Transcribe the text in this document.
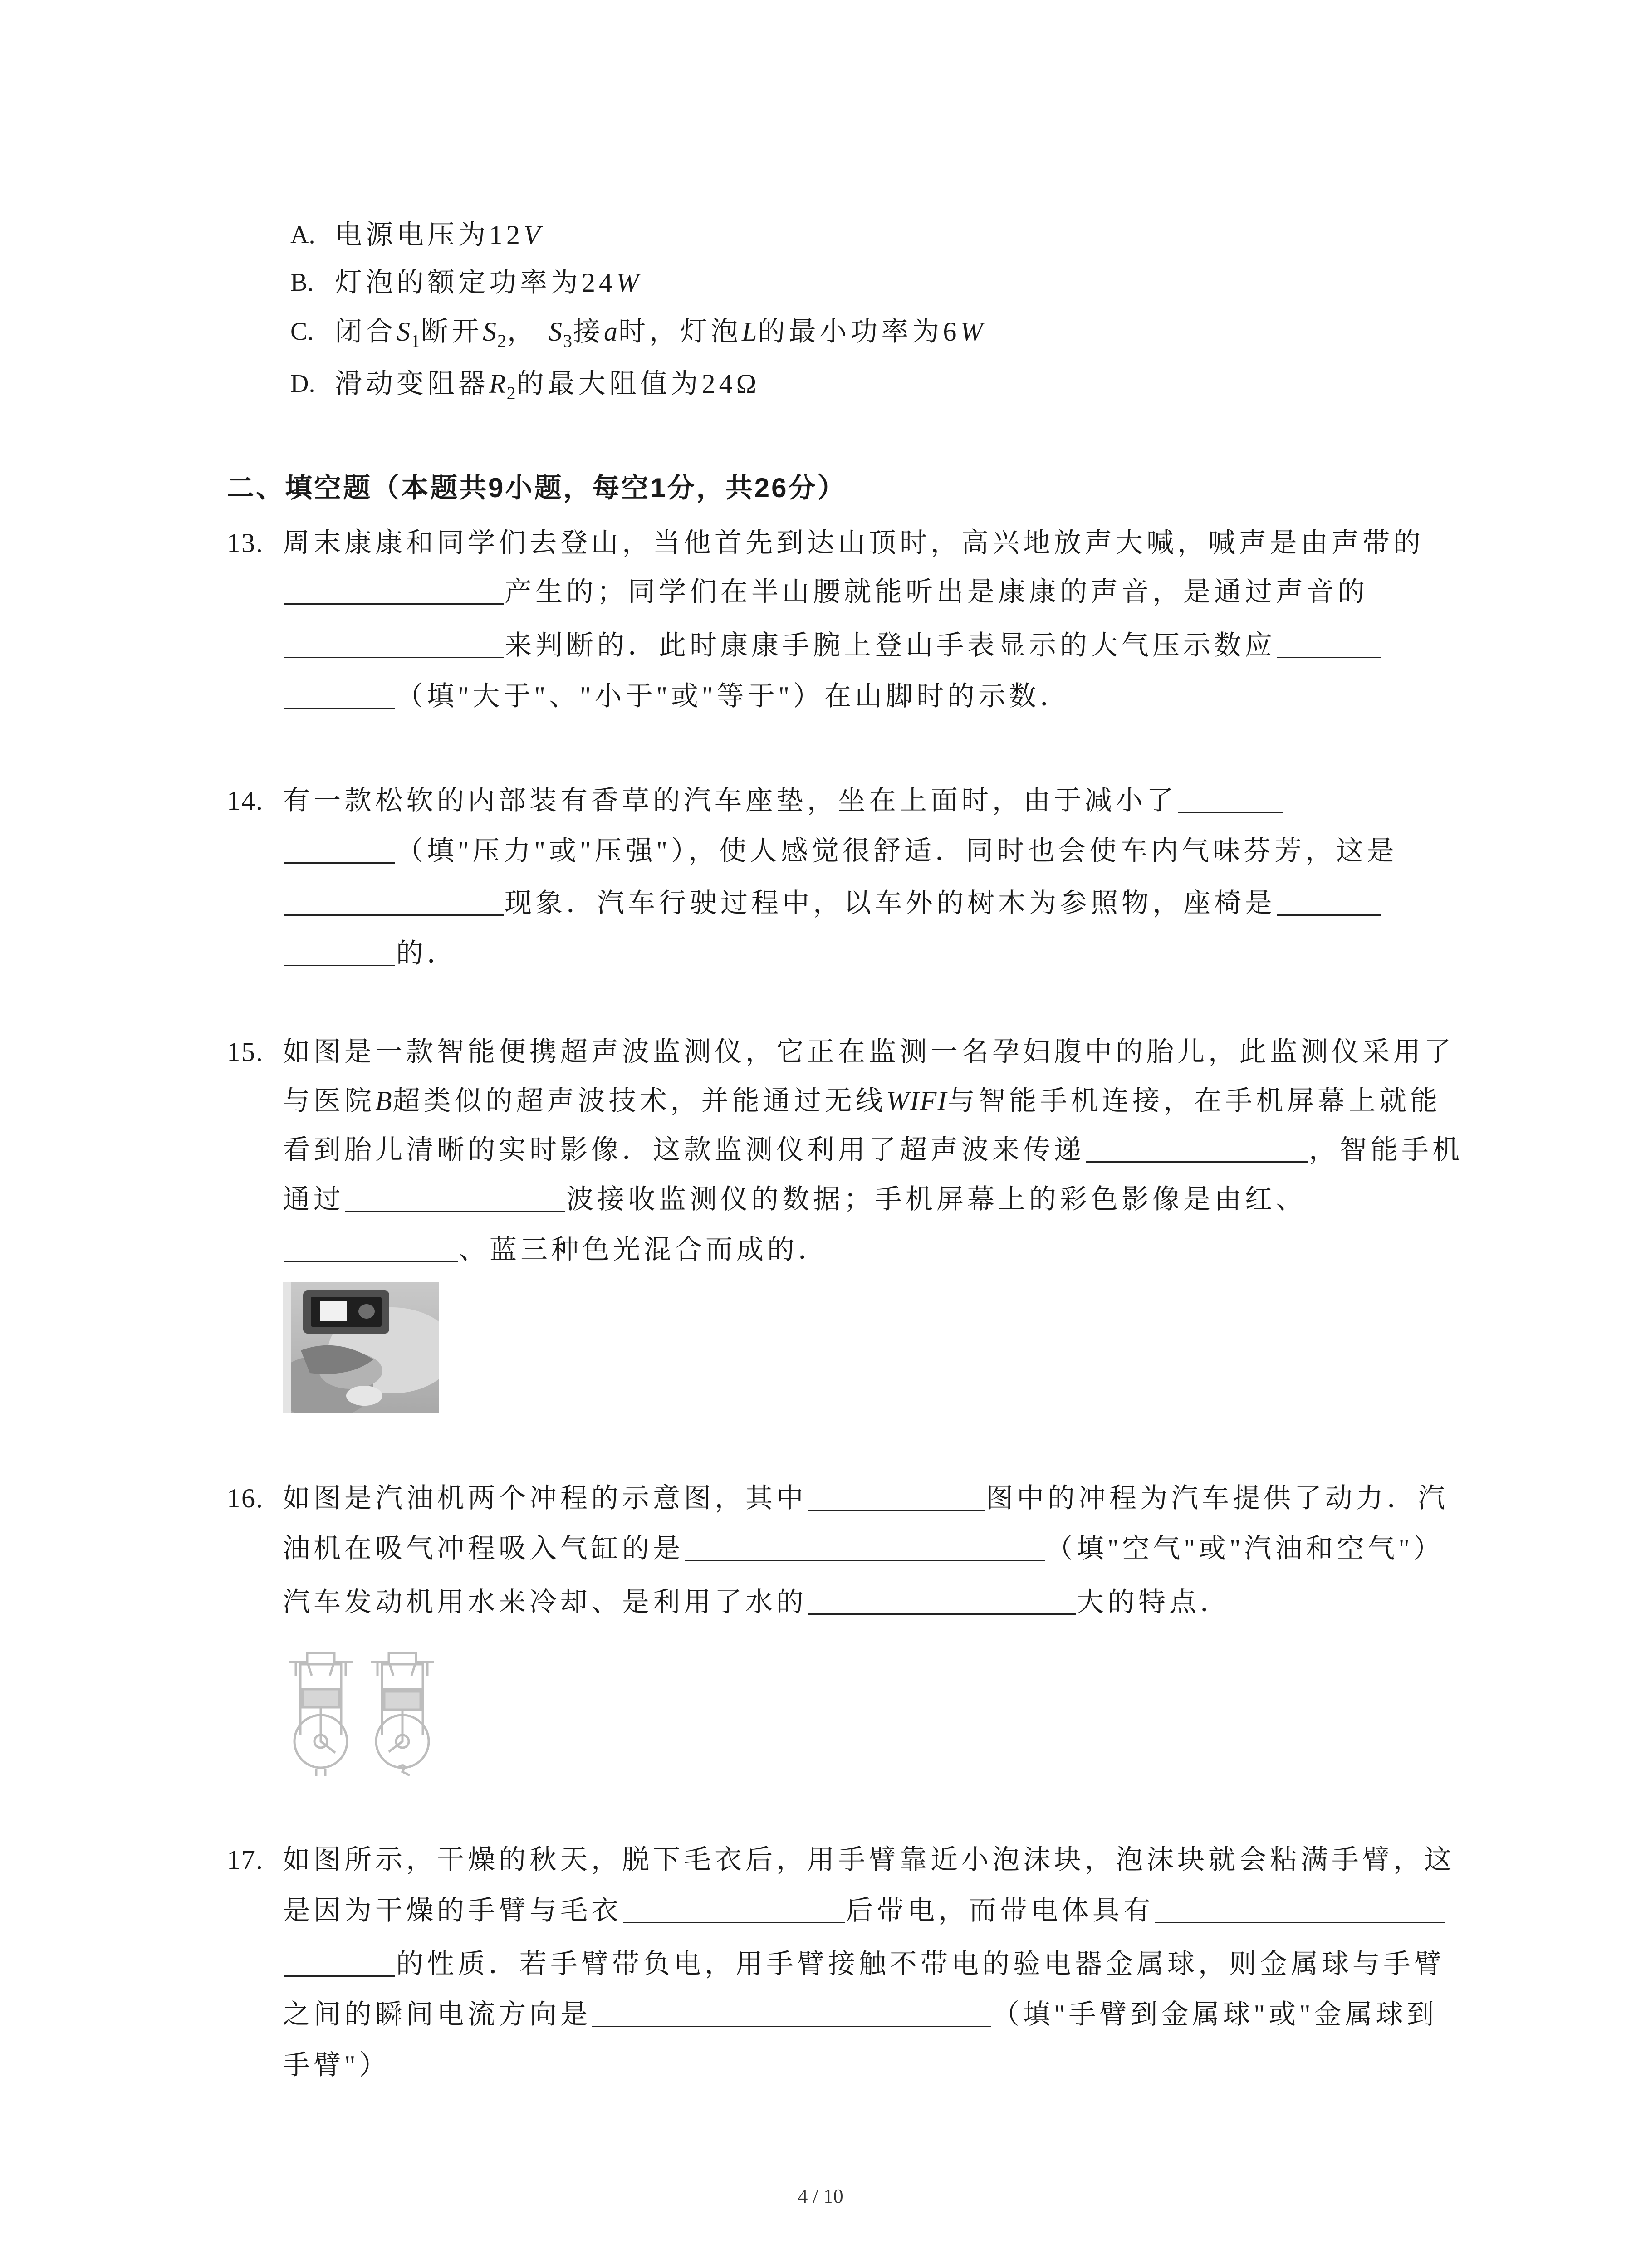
A. 电源电压为12V
B. 灯泡的额定功率为24W
C. 闭合$S_1$断开$S_2$， $S_3$接a时，灯泡L的最小功率为6W
D. 滑动变阻器$R_2$的最大阻值为24Ω
二、填空题（本题共9小题，每空1分，共26分）
13. 周末康康和同学们去登山，当他首先到达山顶时，高兴地放声大喊，喊声是由声带的
产生的；同学们在半山腰就能听出是康康的声音，是通过声音的
来判断的．此时康康手腕上登山手表显示的大气压示数应
（填"大于"、"小于"或"等于"）在山脚时的示数．
14. 有一款松软的内部装有香草的汽车座垫，坐在上面时，由于减小了
（填"压力"或"压强"），使人感觉很舒适．同时也会使车内气味芬芳，这是
现象．汽车行驶过程中，以车外的树木为参照物，座椅是
的．
15. 如图是一款智能便携超声波监测仪，它正在监测一名孕妇腹中的胎儿，此监测仪采用了
与医院B超类似的超声波技术，并能通过无线WIFI与智能手机连接，在手机屏幕上就能
看到胎儿清晰的实时影像．这款监测仪利用了超声波来传递	，智能手机
通过	波接收监测仪的数据；手机屏幕上的彩色影像是由红、
、蓝三种色光混合而成的．
16. 如图是汽油机两个冲程的示意图，其中	图中的冲程为汽车提供了动力．汽
油机在吸气冲程吸入气缸的是	（填"空气"或"汽油和空气"）
汽车发动机用水来冷却、是利用了水的	大的特点．
17. 如图所示，干燥的秋天，脱下毛衣后，用手臂靠近小泡沫块，泡沫块就会粘满手臂，这
是因为干燥的手臂与毛衣	后带电，而带电体具有
的性质．若手臂带负电，用手臂接触不带电的验电器金属球，则金属球与手臂
之间的瞬间电流方向是	（填"手臂到金属球"或"金属球到
手臂"）
4 / 10
